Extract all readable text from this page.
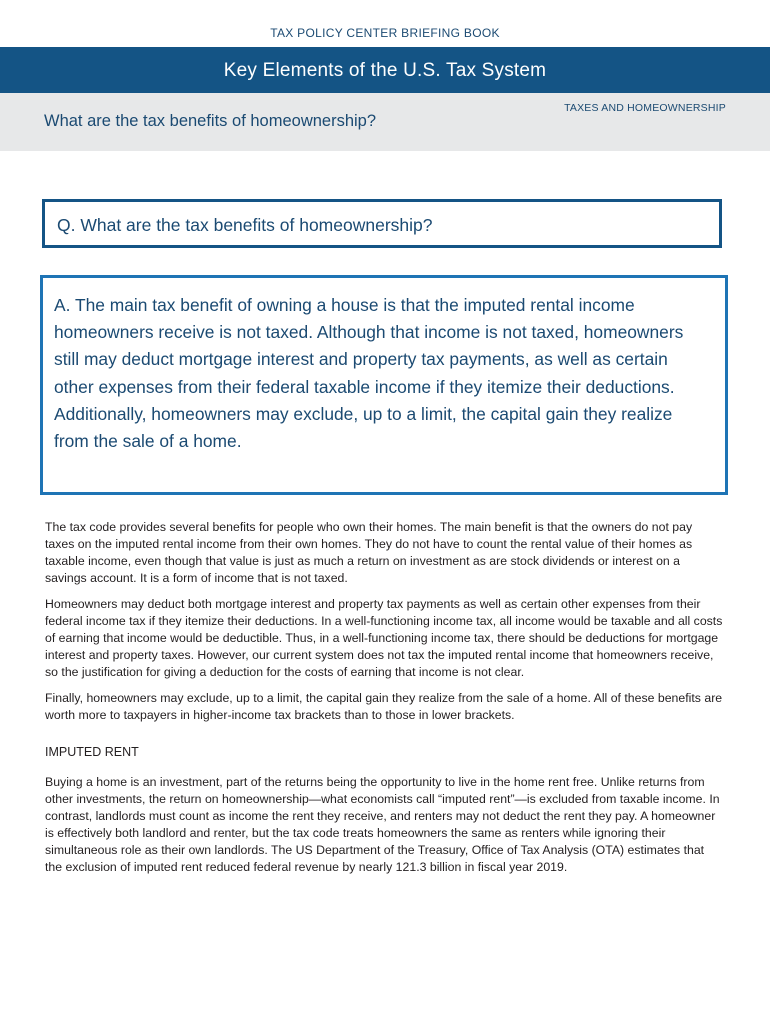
TAX POLICY CENTER BRIEFING BOOK
Key Elements of the U.S. Tax System
What are the tax benefits of homeownership?
TAXES AND HOMEOWNERSHIP
Q. What are the tax benefits of homeownership?

A. The main tax benefit of owning a house is that the imputed rental income homeowners receive is not taxed. Although that income is not taxed, homeowners still may deduct mortgage interest and property tax payments, as well as certain other expenses from their federal taxable income if they itemize their deductions. Additionally, homeowners may exclude, up to a limit, the capital gain they realize from the sale of a home.

The tax code provides several benefits for people who own their homes. The main benefit is that the owners do not pay taxes on the imputed rental income from their own homes. They do not have to count the rental value of their homes as taxable income, even though that value is just as much a return on investment as are stock dividends or interest on a savings account. It is a form of income that is not taxed.

Homeowners may deduct both mortgage interest and property tax payments as well as certain other expenses from their federal income tax if they itemize their deductions. In a well-functioning income tax, all income would be taxable and all costs of earning that income would be deductible. Thus, in a well-functioning income tax, there should be deductions for mortgage interest and property taxes. However, our current system does not tax the imputed rental income that homeowners receive, so the justification for giving a deduction for the costs of earning that income is not clear.

Finally, homeowners may exclude, up to a limit, the capital gain they realize from the sale of a home. All of these benefits are worth more to taxpayers in higher-income tax brackets than to those in lower brackets.

IMPUTED RENT

Buying a home is an investment, part of the returns being the opportunity to live in the home rent free. Unlike returns from other investments, the return on homeownership—what economists call “imputed rent”—is excluded from taxable income. In contrast, landlords must count as income the rent they receive, and renters may not deduct the rent they pay. A homeowner is effectively both landlord and renter, but the tax code treats homeowners the same as renters while ignoring their simultaneous role as their own landlords. The US Department of the Treasury, Office of Tax Analysis (OTA) estimates that the exclusion of imputed rent reduced federal revenue by nearly 121.3 billion in fiscal year 2019.
